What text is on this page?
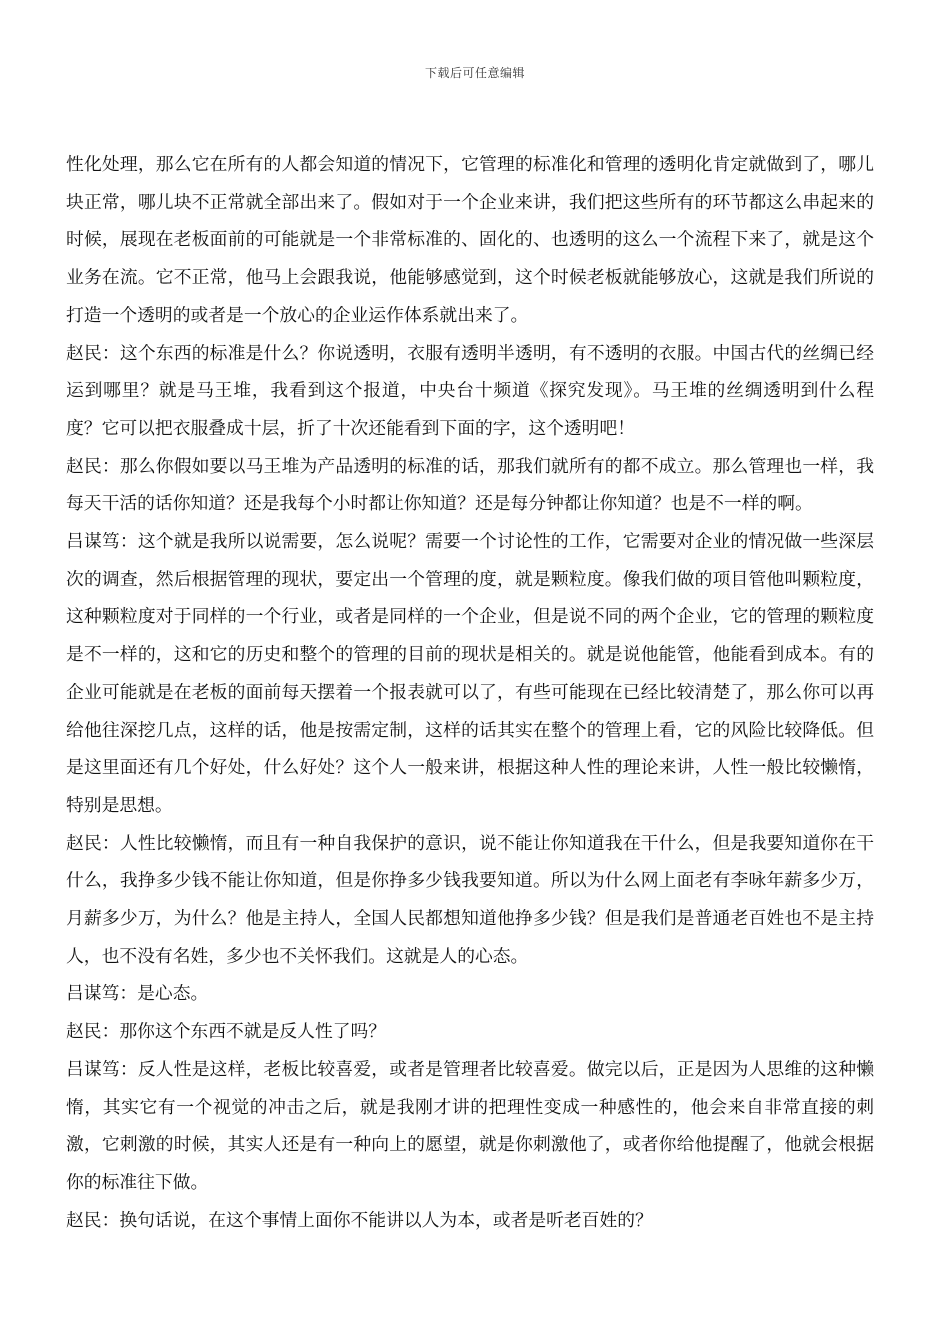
下载后可任意编辑

性化处理，那么它在所有的人都会知道的情况下，它管理的标准化和管理的透明化肯定就做到了，哪儿块正常，哪儿块不正常就全部出来了。假如对于一个企业来讲，我们把这些所有的环节都这么串起来的时候，展现在老板面前的可能就是一个非常标准的、固化的、也透明的这么一个流程下来了，就是这个业务在流。它不正常，他马上会跟我说，他能够感觉到，这个时候老板就能够放心，这就是我们所说的打造一个透明的或者是一个放心的企业运作体系就出来了。

赵民：这个东西的标准是什么？你说透明，衣服有透明半透明，有不透明的衣服。中国古代的丝绸已经运到哪里？就是马王堆，我看到这个报道，中央台十频道《探究发现》。马王堆的丝绸透明到什么程度？它可以把衣服叠成十层，折了十次还能看到下面的字，这个透明吧！

赵民：那么你假如要以马王堆为产品透明的标准的话，那我们就所有的都不成立。那么管理也一样，我每天干活的话你知道？还是我每个小时都让你知道？还是每分钟都让你知道？也是不一样的啊。

吕谋笃：这个就是我所以说需要，怎么说呢？需要一个讨论性的工作，它需要对企业的情况做一些深层次的调查，然后根据管理的现状，要定出一个管理的度，就是颗粒度。像我们做的项目管他叫颗粒度，这种颗粒度对于同样的一个行业，或者是同样的一个企业，但是说不同的两个企业，它的管理的颗粒度是不一样的，这和它的历史和整个的管理的目前的现状是相关的。就是说他能管，他能看到成本。有的企业可能就是在老板的面前每天摆着一个报表就可以了，有些可能现在已经比较清楚了，那么你可以再给他往深挖几点，这样的话，他是按需定制，这样的话其实在整个的管理上看，它的风险比较降低。但是这里面还有几个好处，什么好处？这个人一般来讲，根据这种人性的理论来讲，人性一般比较懒惰，特别是思想。

赵民：人性比较懒惰，而且有一种自我保护的意识，说不能让你知道我在干什么，但是我要知道你在干什么，我挣多少钱不能让你知道，但是你挣多少钱我要知道。所以为什么网上面老有李咏年薪多少万，月薪多少万，为什么？他是主持人，全国人民都想知道他挣多少钱？但是我们是普通老百姓也不是主持人，也不没有名姓，多少也不关怀我们。这就是人的心态。

吕谋笃：是心态。

赵民：那你这个东西不就是反人性了吗？

吕谋笃：反人性是这样，老板比较喜爱，或者是管理者比较喜爱。做完以后，正是因为人思维的这种懒惰，其实它有一个视觉的冲击之后，就是我刚才讲的把理性变成一种感性的，他会来自非常直接的刺激，它刺激的时候，其实人还是有一种向上的愿望，就是你刺激他了，或者你给他提醒了，他就会根据你的标准往下做。

赵民：换句话说，在这个事情上面你不能讲以人为本，或者是听老百姓的？
